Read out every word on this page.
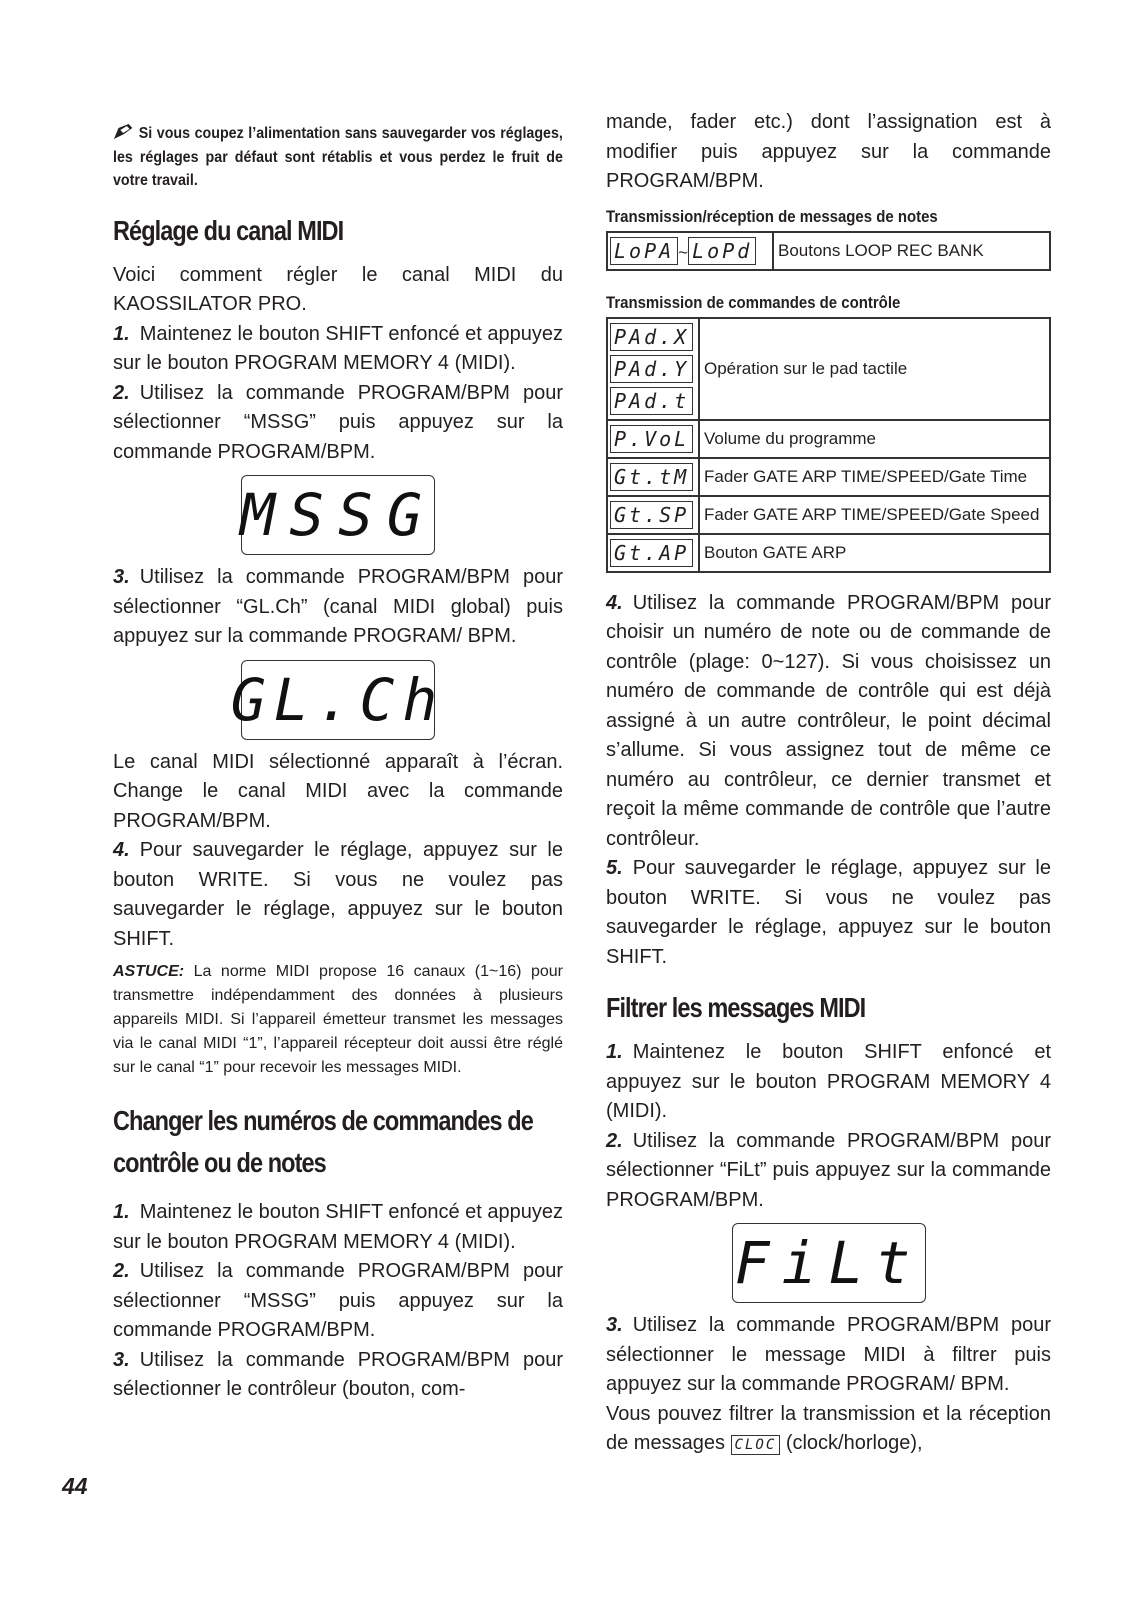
Si vous coupez l’alimentation sans sauvegarder vos réglages, les réglages par défaut sont rétablis et vous perdez le fruit de votre travail.

Réglage du canal MIDI

Voici comment régler le canal MIDI du KAOSSILATOR PRO.

1. Maintenez le bouton SHIFT enfoncé et appuyez sur le bouton PROGRAM MEMORY 4 (MIDI).

2. Utilisez la commande PROGRAM/BPM pour sélectionner “MSSG” puis appuyez sur la commande PROGRAM/BPM.

MSSG

3. Utilisez la commande PROGRAM/BPM pour sélectionner “GL.Ch” (canal MIDI global) puis appuyez sur la commande PROGRAM/ BPM.

GL.Ch

Le canal MIDI sélectionné apparaît à l’écran. Change le canal MIDI avec la commande PROGRAM/BPM.

4. Pour sauvegarder le réglage, appuyez sur le bouton WRITE. Si vous ne voulez pas sauvegarder le réglage, appuyez sur le bouton SHIFT.

ASTUCE: La norme MIDI propose 16 canaux (1~16) pour transmettre indépendamment des données à plusieurs appareils MIDI. Si l’appareil émetteur transmet les messages via le canal MIDI “1”, l’appareil récepteur doit aussi être réglé sur le canal “1” pour recevoir les messages MIDI.

Changer les numéros de commandes de contrôle ou de notes

1. Maintenez le bouton SHIFT enfoncé et appuyez sur le bouton PROGRAM MEMORY 4 (MIDI).

2. Utilisez la commande PROGRAM/BPM pour sélectionner “MSSG” puis appuyez sur la commande PROGRAM/BPM.

3. Utilisez la commande PROGRAM/BPM pour sélectionner le contrôleur (bouton, com-

mande, fader etc.) dont l’assignation est à modifier puis appuyez sur la commande PROGRAM/BPM.

Transmission/réception de messages de notes
LoPA ~ LoPd	Boutons LOOP REC BANK
Transmission de commandes de contrôle
PAd.X
PAd.Y
PAd.t	Opération sur le pad tactile
P.VoL	Volume du programme
Gt.tM	Fader GATE ARP TIME/SPEED/Gate Time
Gt.SP	Fader GATE ARP TIME/SPEED/Gate Speed
Gt.AP	Bouton GATE ARP

4. Utilisez la commande PROGRAM/BPM pour choisir un numéro de note ou de commande de contrôle (plage: 0~127). Si vous choisissez un numéro de commande de contrôle qui est déjà assigné à un autre contrôleur, le point décimal s’allume. Si vous assignez tout de même ce numéro au contrôleur, ce dernier transmet et reçoit la même commande de contrôle que l’autre contrôleur.

5. Pour sauvegarder le réglage, appuyez sur le bouton WRITE. Si vous ne voulez pas sauvegarder le réglage, appuyez sur le bouton SHIFT.

Filtrer les messages MIDI

1. Maintenez le bouton SHIFT enfoncé et appuyez sur le bouton PROGRAM MEMORY 4 (MIDI).

2. Utilisez la commande PROGRAM/BPM pour sélectionner “FiLt” puis appuyez sur la commande PROGRAM/BPM.

FiLt

3. Utilisez la commande PROGRAM/BPM pour sélectionner le message MIDI à filtrer puis appuyez sur la commande PROGRAM/ BPM.

Vous pouvez filtrer la transmission et la réception de messages CLOC (clock/horloge),

44
